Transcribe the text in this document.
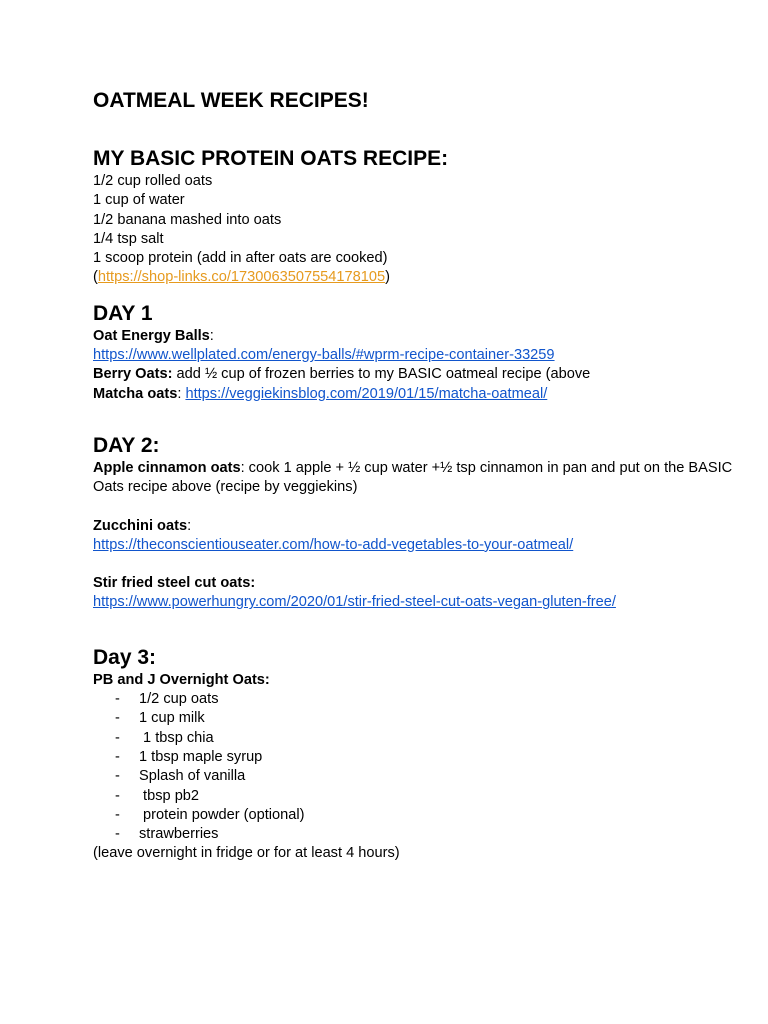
OATMEAL WEEK RECIPES!
MY BASIC PROTEIN OATS RECIPE:
1/2 cup rolled oats
1 cup of water
1/2 banana mashed into oats
1/4 tsp salt
1 scoop protein (add in after oats are cooked)
(https://shop-links.co/1730063507554178105)
DAY 1
Oat Energy Balls:
https://www.wellplated.com/energy-balls/#wprm-recipe-container-33259
Berry Oats: add ½ cup of frozen berries to my BASIC oatmeal recipe (above
Matcha oats: https://veggiekinsblog.com/2019/01/15/matcha-oatmeal/
DAY 2:
Apple cinnamon oats: cook 1 apple + ½ cup water +½ tsp cinnamon in pan and put on the BASIC Oats recipe above (recipe by veggiekins)
Zucchini oats:
https://theconscientiouseater.com/how-to-add-vegetables-to-your-oatmeal/
Stir fried steel cut oats:
https://www.powerhungry.com/2020/01/stir-fried-steel-cut-oats-vegan-gluten-free/
Day 3:
PB and J Overnight Oats:
- 1/2 cup oats
- 1 cup milk
-  1 tbsp chia
- 1 tbsp maple syrup
- Splash of vanilla
-  tbsp pb2
-  protein powder (optional)
- strawberries
(leave overnight in fridge or for at least 4 hours)
